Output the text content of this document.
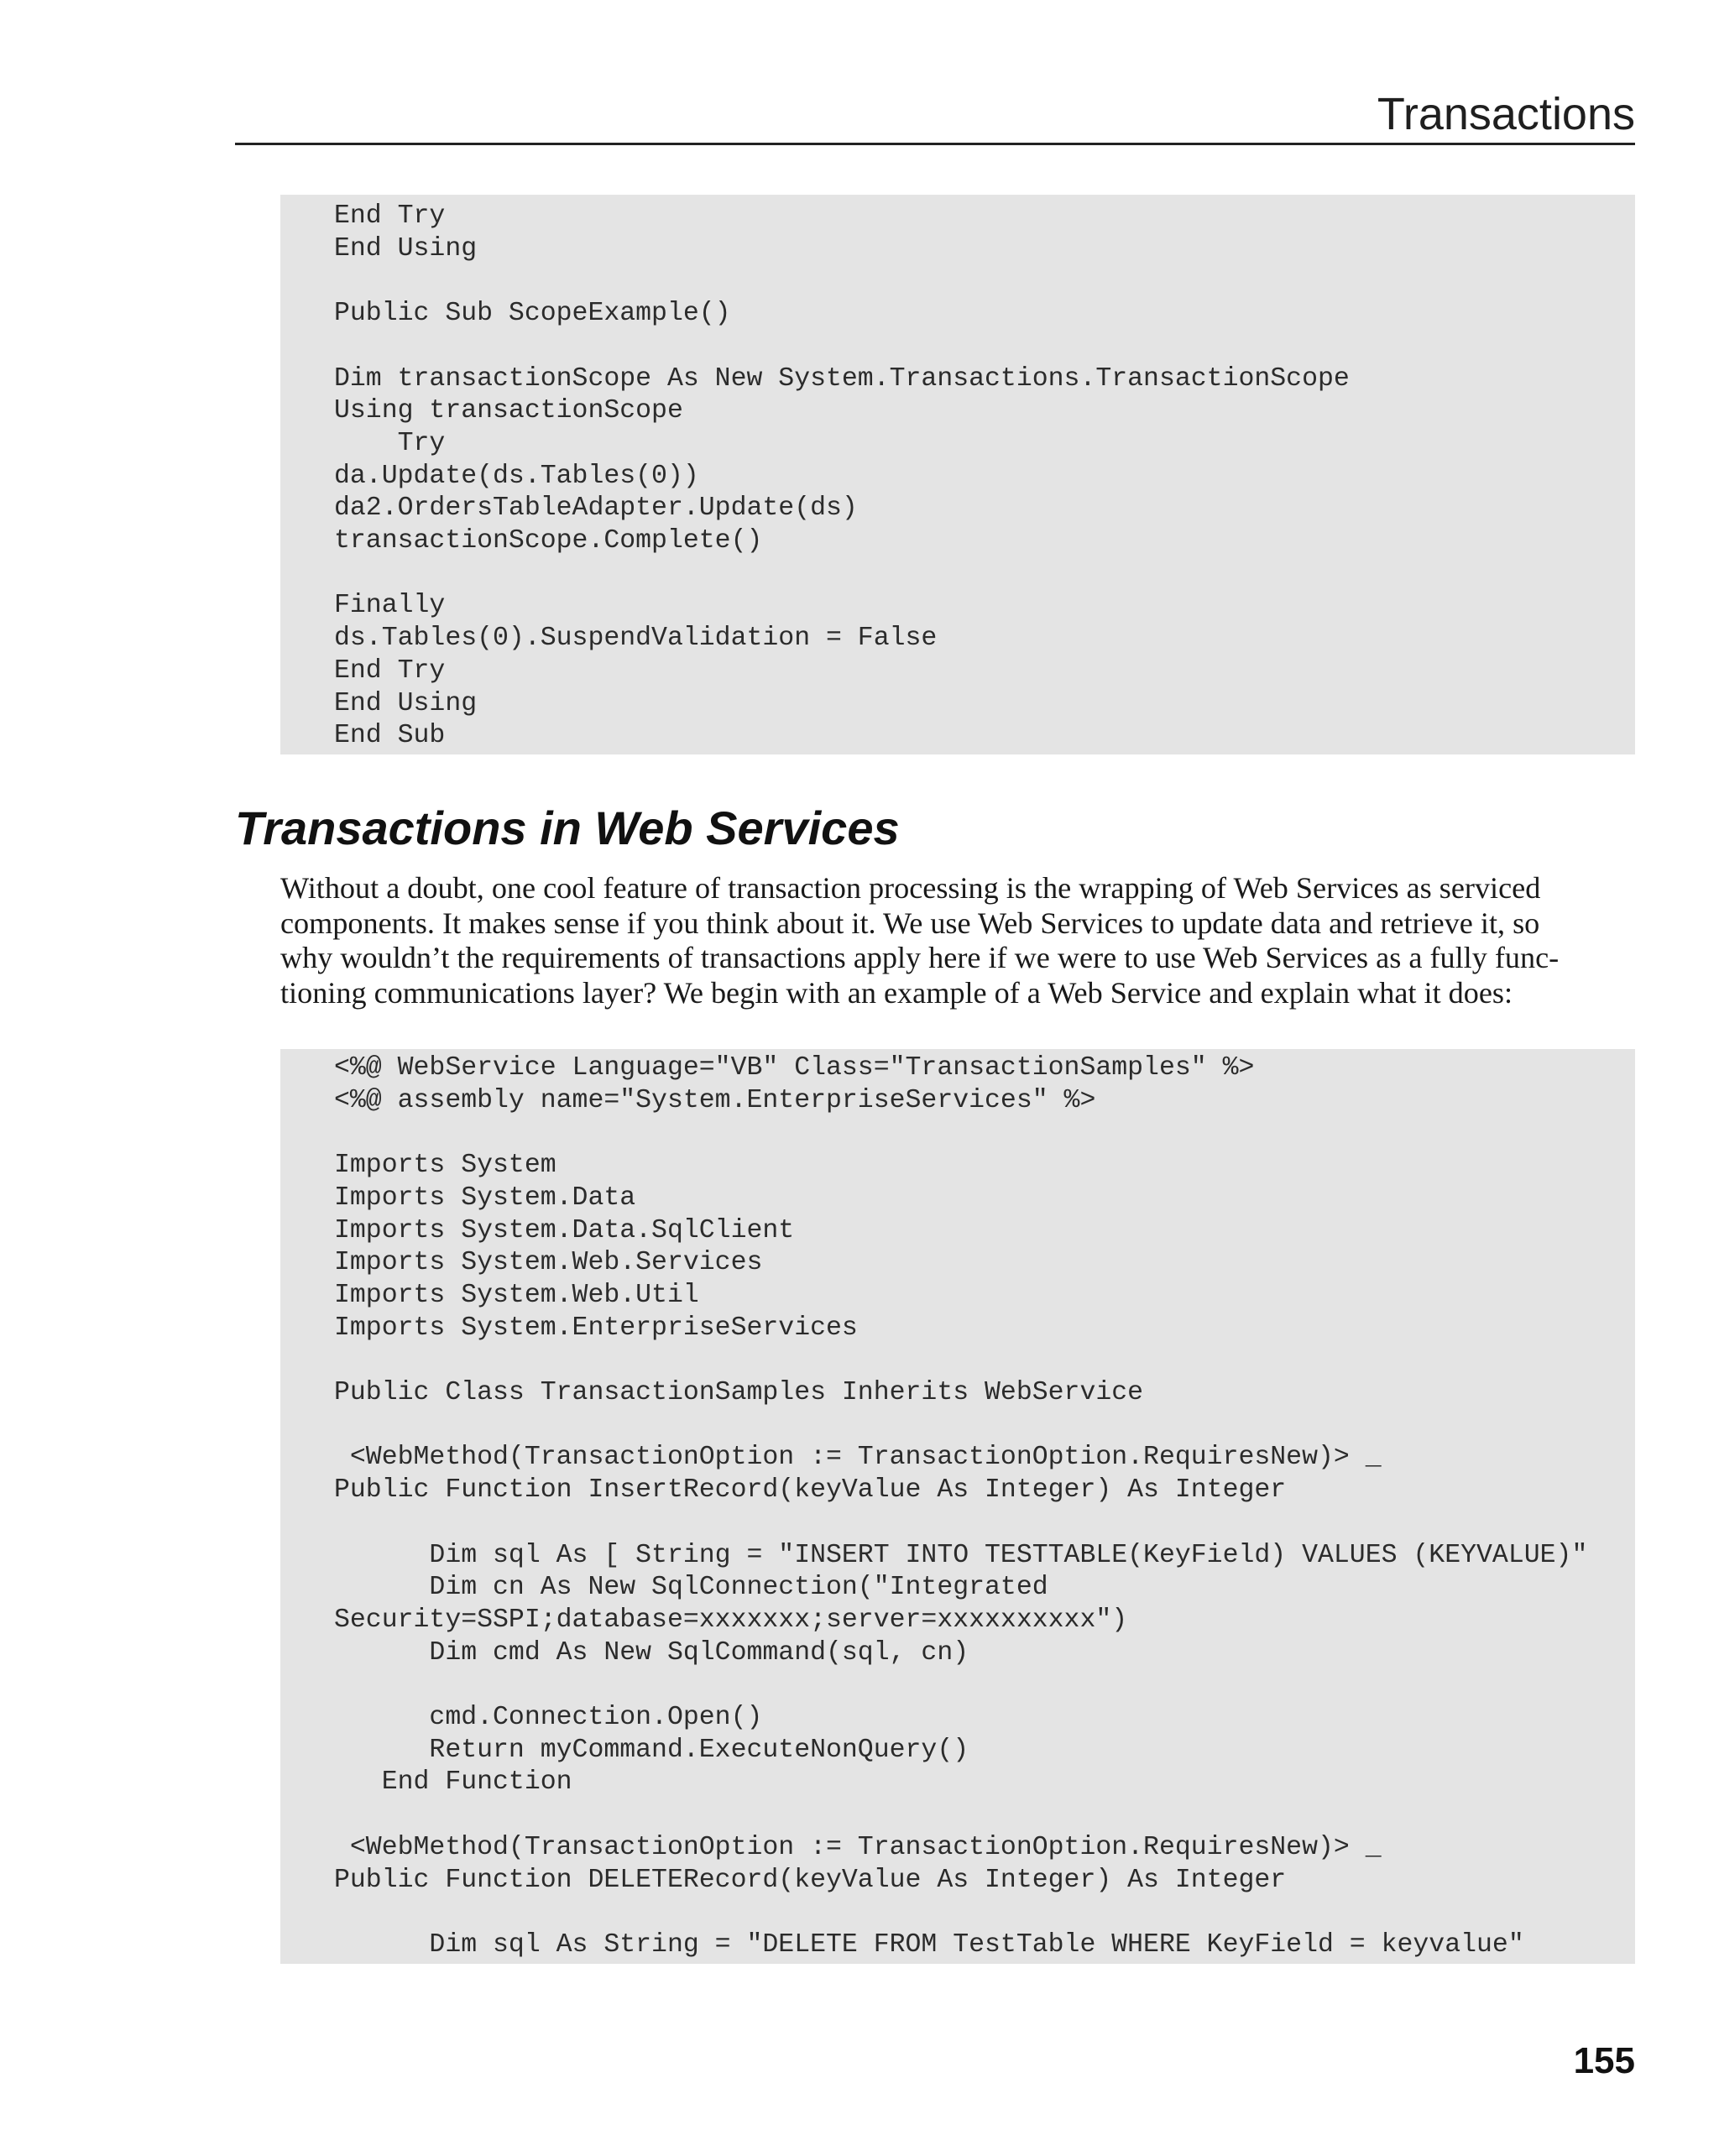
Transactions
End Try
End Using

Public Sub ScopeExample()

Dim transactionScope As New System.Transactions.TransactionScope
Using transactionScope
Try
da.Update(ds.Tables(0))
da2.OrdersTableAdapter.Update(ds)
transactionScope.Complete()

Finally
ds.Tables(0).SuspendValidation = False
End Try
End Using
End Sub
Transactions in Web Services

Without a doubt, one cool feature of transaction processing is the wrapping of Web Services as serviced
components. It makes sense if you think about it. We use Web Services to update data and retrieve it, so
why wouldn’t the requirements of transactions apply here if we were to use Web Services as a fully func-
tioning communications layer? We begin with an example of a Web Service and explain what it does:

<%@ WebService Language="VB" Class="TransactionSamples" %>
<%@ assembly name="System.EnterpriseServices" %>

Imports System
Imports System.Data
Imports System.Data.SqlClient
Imports System.Web.Services
Imports System.Web.Util
Imports System.EnterpriseServices

Public Class TransactionSamples Inherits WebService

<WebMethod(TransactionOption := TransactionOption.RequiresNew)> _
Public Function InsertRecord(keyValue As Integer) As Integer

Dim sql As [ String = "INSERT INTO TESTTABLE(KeyField) VALUES (KEYVALUE)"
Dim cn As New SqlConnection("Integrated
Security=SSPI;database=xxxxxxx;server=xxxxxxxxxx")
Dim cmd As New SqlCommand(sql, cn)

cmd.Connection.Open()
Return myCommand.ExecuteNonQuery()
End Function

<WebMethod(TransactionOption := TransactionOption.RequiresNew)> _
Public Function DELETERecord(keyValue As Integer) As Integer

Dim sql As String = "DELETE FROM TestTable WHERE KeyField = keyvalue"
155
